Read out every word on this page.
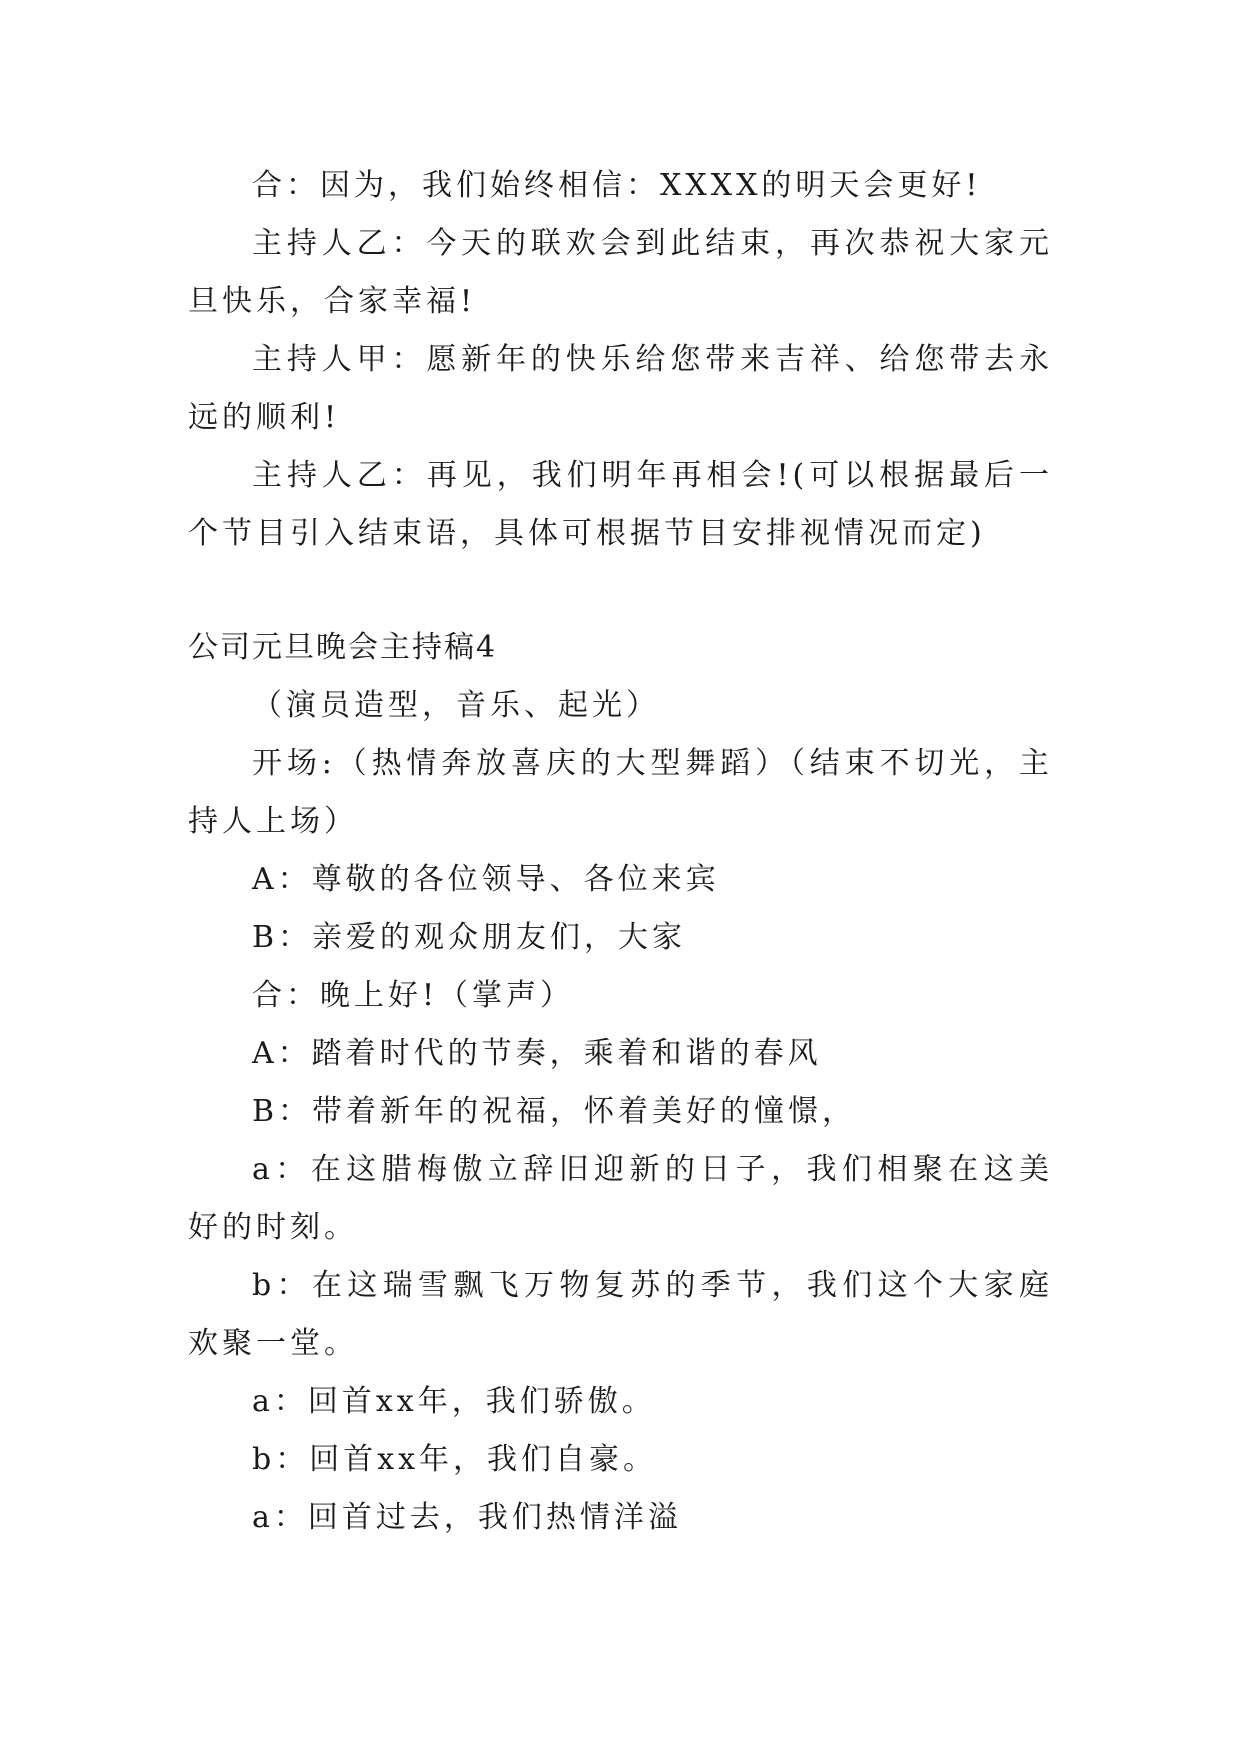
合：因为，我们始终相信：XXXX的明天会更好!

主持人乙：今天的联欢会到此结束，再次恭祝大家元旦快乐，合家幸福!

主持人甲：愿新年的快乐给您带来吉祥、给您带去永远的顺利!

主持人乙：再见，我们明年再相会!(可以根据最后一个节目引入结束语，具体可根据节目安排视情况而定)

公司元旦晚会主持稿4

（演员造型，音乐、起光）

开场:（热情奔放喜庆的大型舞蹈）（结束不切光，主持人上场）

A：尊敬的各位领导、各位来宾

B：亲爱的观众朋友们，大家

合：晚上好!（掌声）

A：踏着时代的节奏，乘着和谐的春风

B：带着新年的祝福，怀着美好的憧憬，

a：在这腊梅傲立辞旧迎新的日子，我们相聚在这美好的时刻。

b：在这瑞雪飘飞万物复苏的季节，我们这个大家庭欢聚一堂。

a：回首xx年，我们骄傲。

b：回首xx年，我们自豪。

a：回首过去，我们热情洋溢
